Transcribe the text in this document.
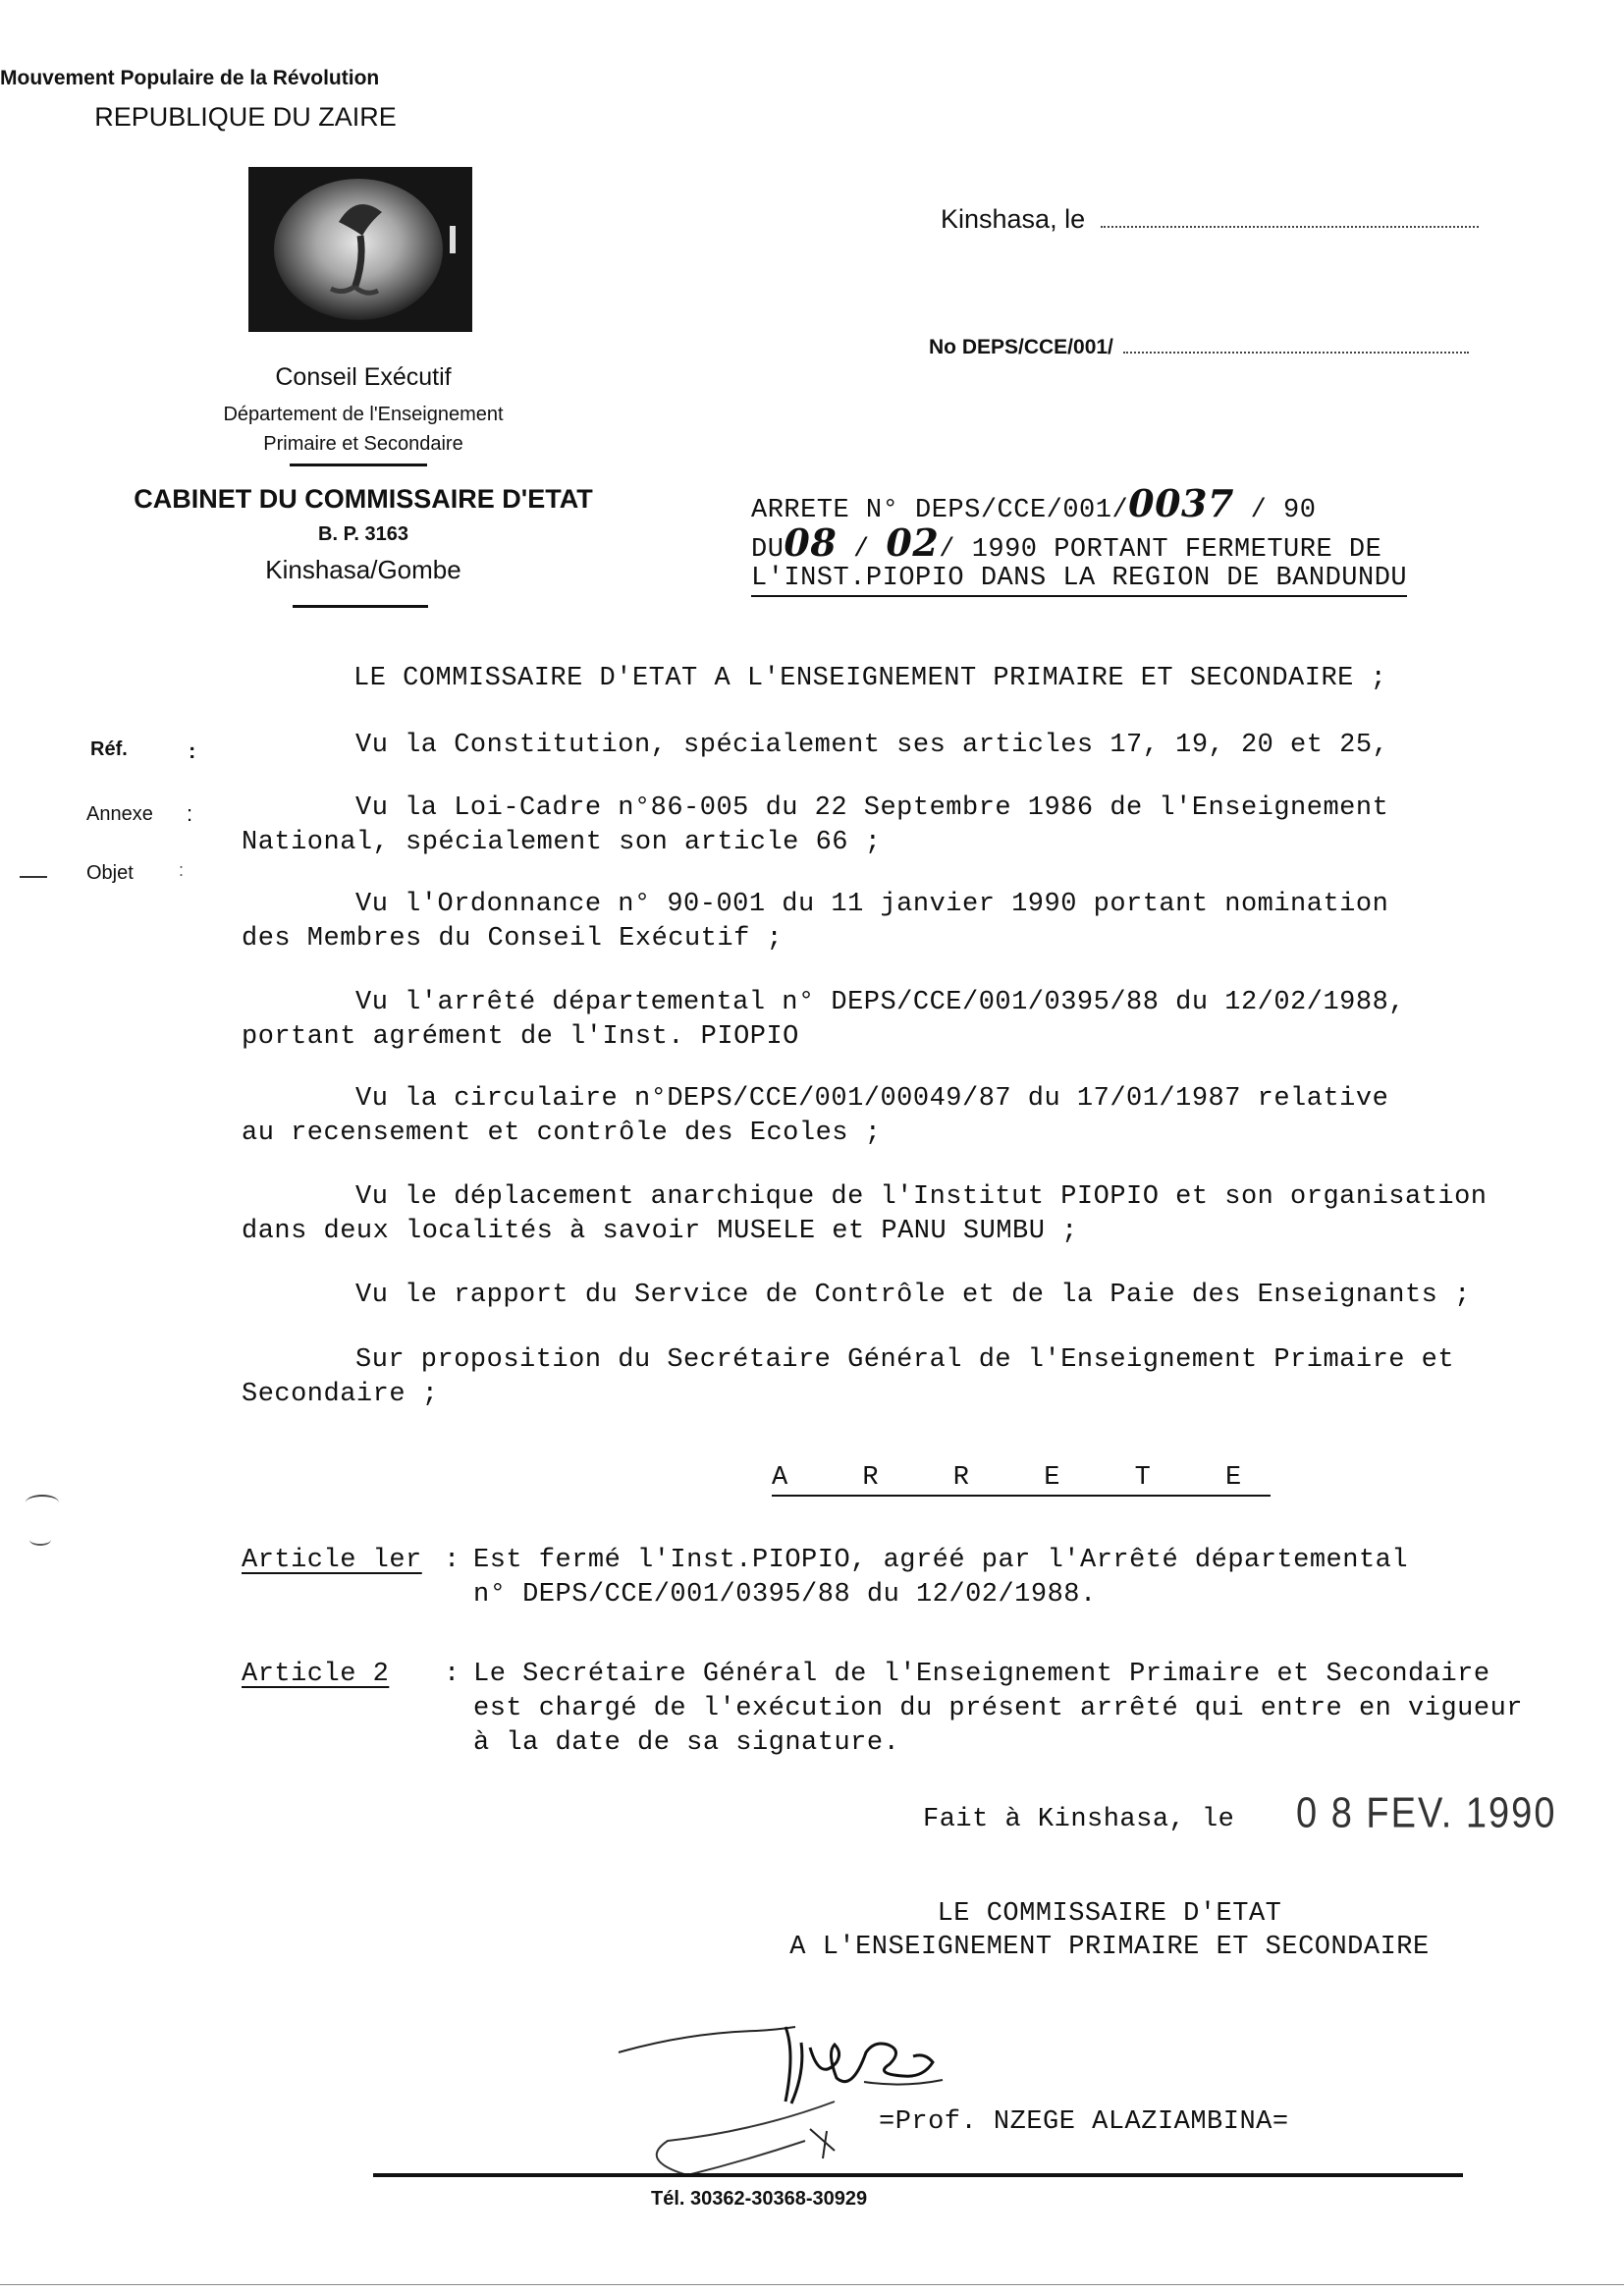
Mouvement Populaire de la Révolution
REPUBLIQUE DU ZAIRE
Conseil Exécutif
Département de l'Enseignement
Primaire et Secondaire
CABINET DU COMMISSAIRE D'ETAT
B. P. 3163
Kinshasa/Gombe
Kinshasa, le
No DEPS/CCE/001/
ARRETE N° DEPS/CCE/001/0037 / 90
DU08 / 02/ 1990 PORTANT FERMETURE DE
L'INST.PIOPIO DANS LA REGION DE BANDUNDU
Réf.	:
Annexe :
Objet	:
LE COMMISSAIRE D'ETAT A L'ENSEIGNEMENT PRIMAIRE ET SECONDAIRE ;
Vu la Constitution, spécialement ses articles 17, 19, 20 et 25,
Vu la Loi-Cadre n°86-005 du 22 Septembre 1986 de l'Enseignement
National, spécialement son article 66 ;
Vu l'Ordonnance n° 90-001 du 11 janvier 1990 portant nomination
des Membres du Conseil Exécutif ;
Vu l'arrêté départemental n° DEPS/CCE/001/0395/88 du 12/02/1988,
portant agrément de l'Inst. PIOPIO
Vu la circulaire n°DEPS/CCE/001/00049/87 du 17/01/1987 relative
au recensement et contrôle des Ecoles ;
Vu le déplacement anarchique de l'Institut PIOPIO et son organisation
dans deux localités à savoir MUSELE et PANU SUMBU ;
Vu le rapport du Service de Contrôle et de la Paie des Enseignants ;
Sur proposition du Secrétaire Général de l'Enseignement Primaire et
Secondaire ;
A R R E T E
Article ler : Est fermé l'Inst.PIOPIO, agréé par l'Arrêté départemental
n° DEPS/CCE/001/0395/88 du 12/02/1988.
Article 2 : Le Secrétaire Général de l'Enseignement Primaire et Secondaire
est chargé de l'exécution du présent arrêté qui entre en vigueur
à la date de sa signature.
Fait à Kinshasa, le 0 8 FEV. 1990
LE COMMISSAIRE D'ETAT
A L'ENSEIGNEMENT PRIMAIRE ET SECONDAIRE
=Prof. NZEGE ALAZIAMBINA=
Tél. 30362-30368-30929
